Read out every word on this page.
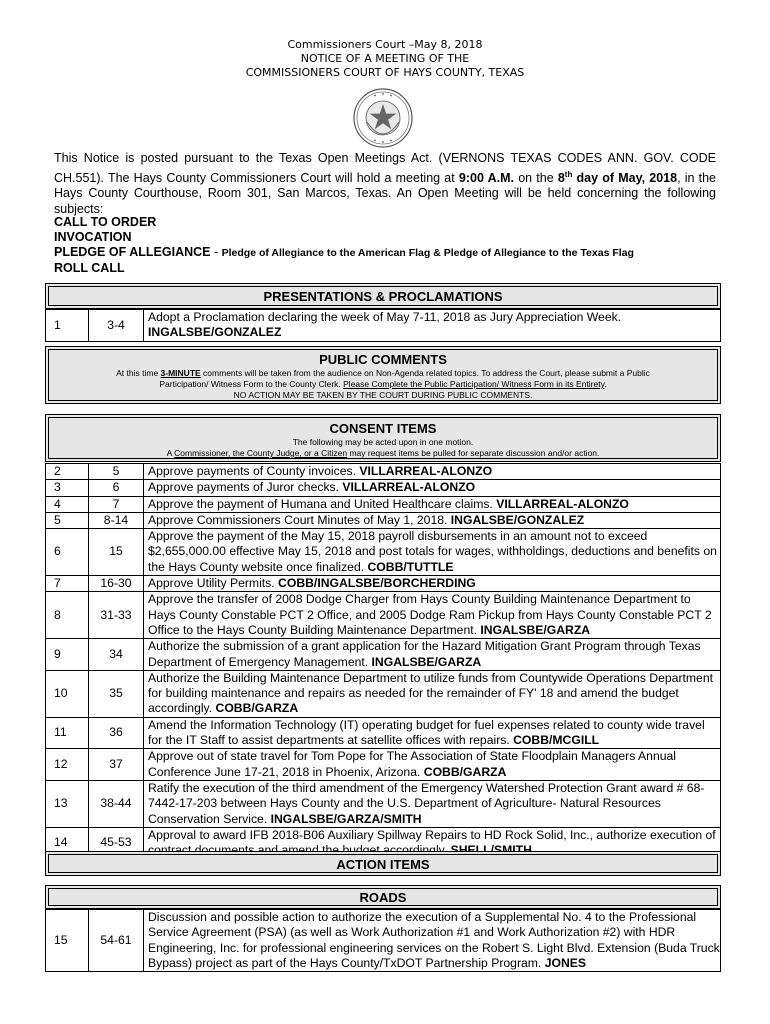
Commissioners Court –May 8, 2018
NOTICE OF A MEETING OF THE
COMMISSIONERS COURT OF HAYS COUNTY, TEXAS
This Notice is posted pursuant to the Texas Open Meetings Act. (VERNONS TEXAS CODES ANN. GOV. CODE CH.551). The Hays County Commissioners Court will hold a meeting at 9:00 A.M. on the 8th day of May, 2018, in the Hays County Courthouse, Room 301, San Marcos, Texas. An Open Meeting will be held concerning the following subjects:
CALL TO ORDER
INVOCATION
PLEDGE OF ALLEGIANCE - Pledge of Allegiance to the American Flag & Pledge of Allegiance to the Texas Flag
ROLL CALL
PRESENTATIONS & PROCLAMATIONS
1	3-4	Adopt a Proclamation declaring the week of May 7-11, 2018 as Jury Appreciation Week. INGALSBE/GONZALEZ
PUBLIC COMMENTS
At this time 3-MINUTE comments will be taken from the audience on Non-Agenda related topics. To address the Court, please submit a Public
Participation/ Witness Form to the County Clerk. Please Complete the Public Participation/ Witness Form in its Entirety.
NO ACTION MAY BE TAKEN BY THE COURT DURING PUBLIC COMMENTS.
CONSENT ITEMS
The following may be acted upon in one motion.
A Commissioner, the County Judge, or a Citizen may request items be pulled for separate discussion and/or action.
2	5	Approve payments of County invoices. VILLARREAL-ALONZO
3	6	Approve payments of Juror checks. VILLARREAL-ALONZO
4	7	Approve the payment of Humana and United Healthcare claims. VILLARREAL-ALONZO
5	8-14	Approve Commissioners Court Minutes of May 1, 2018. INGALSBE/GONZALEZ
6	15	Approve the payment of the May 15, 2018 payroll disbursements in an amount not to exceed $2,655,000.00 effective May 15, 2018 and post totals for wages, withholdings, deductions and benefits on the Hays County website once finalized. COBB/TUTTLE
7	16-30	Approve Utility Permits. COBB/INGALSBE/BORCHERDING
8	31-33	Approve the transfer of 2008 Dodge Charger from Hays County Building Maintenance Department to Hays County Constable PCT 2 Office, and 2005 Dodge Ram Pickup from Hays County Constable PCT 2 Office to the Hays County Building Maintenance Department. INGALSBE/GARZA
9	34	Authorize the submission of a grant application for the Hazard Mitigation Grant Program through Texas Department of Emergency Management. INGALSBE/GARZA
10	35	Authorize the Building Maintenance Department to utilize funds from Countywide Operations Department for building maintenance and repairs as needed for the remainder of FY' 18 and amend the budget accordingly. COBB/GARZA
11	36	Amend the Information Technology (IT) operating budget for fuel expenses related to county wide travel for the IT Staff to assist departments at satellite offices with repairs. COBB/MCGILL
12	37	Approve out of state travel for Tom Pope for The Association of State Floodplain Managers Annual Conference June 17-21, 2018 in Phoenix, Arizona. COBB/GARZA
13	38-44	Ratify the execution of the third amendment of the Emergency Watershed Protection Grant award # 68-7442-17-203 between Hays County and the U.S. Department of Agriculture- Natural Resources Conservation Service. INGALSBE/GARZA/SMITH
14	45-53	Approval to award IFB 2018-B06 Auxiliary Spillway Repairs to HD Rock Solid, Inc., authorize execution of
ACTION ITEMS
ROADS
15	54-61	Discussion and possible action to authorize the execution of a Supplemental No. 4 to the Professional Service Agreement (PSA) (as well as Work Authorization #1 and Work Authorization #2) with HDR Engineering, Inc. for professional engineering services on the Robert S. Light Blvd. Extension (Buda Truck Bypass) project as part of the Hays County/TxDOT Partnership Program. JONES
